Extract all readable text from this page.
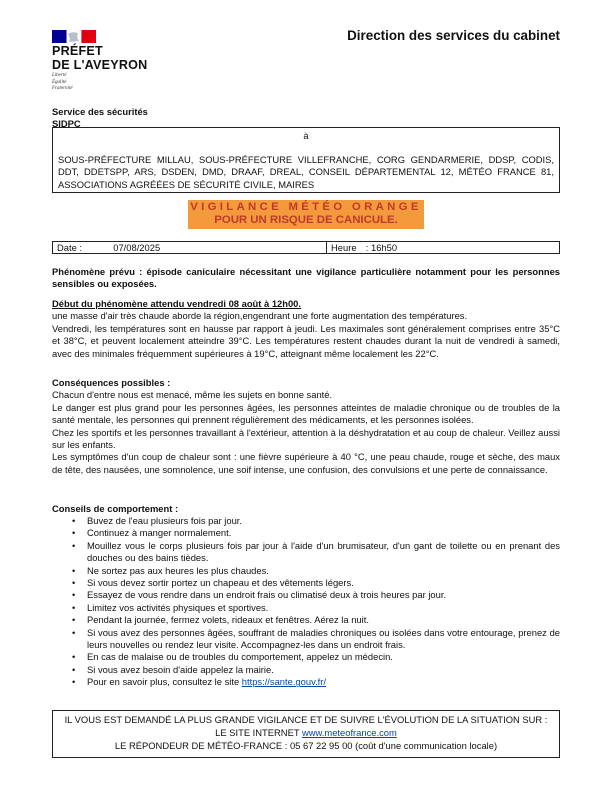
PRÉFET
DE L'AVEYRON
Liberté
Égalité
Fraternité
Direction des services du cabinet
Service des sécurités
SIDPC
à
SOUS-PRÉFECTURE MILLAU, SOUS-PRÉFECTURE VILLEFRANCHE, CORG GENDARMERIE, DDSP, CODIS, DDT, DDETSPP, ARS, DSDEN, DMD, DRAAF, DREAL, CONSEIL DÉPARTEMENTAL 12, MÉTÉO FRANCE 81, ASSOCIATIONS AGRÉÉES DE SÉCURITÉ CIVILE, MAIRES
VIGILANCE MÉTÉO ORANGE
POUR UN RISQUE DE CANICULE.
Date :	07/08/2025	Heure : 16h50
Phénomène prévu : épisode caniculaire nécessitant une vigilance particulière notamment pour les personnes sensibles ou exposées.
Début du phénomène attendu vendredi 08 août à 12h00.
une masse d'air très chaude aborde la région,engendrant une forte augmentation des températures.
Vendredi, les températures sont en hausse par rapport à jeudi. Les maximales sont généralement comprises entre 35°C et 38°C, et peuvent localement atteindre 39°C. Les températures restent chaudes durant la nuit de vendredi à samedi, avec des minimales fréquemment supérieures à 19°C, atteignant même localement les 22°C.
Conséquences possibles :
Chacun d'entre nous est menacé, même les sujets en bonne santé.
Le danger est plus grand pour les personnes âgées, les personnes atteintes de maladie chronique ou de troubles de la santé mentale, les personnes qui prennent régulièrement des médicaments, et les personnes isolées.
Chez les sportifs et les personnes travaillant à l'extérieur, attention à la déshydratation et au coup de chaleur. Veillez aussi sur les enfants.
Les symptômes d'un coup de chaleur sont : une fièvre supérieure à 40 °C, une peau chaude, rouge et sèche, des maux de tête, des nausées, une somnolence, une soif intense, une confusion, des convulsions et une perte de connaissance.
Conseils de comportement :
• Buvez de l'eau plusieurs fois par jour.
• Continuez à manger normalement.
• Mouillez vous le corps plusieurs fois par jour à l'aide d'un brumisateur, d'un gant de toilette ou en prenant des douches ou des bains tièdes.
• Ne sortez pas aux heures les plus chaudes.
• Si vous devez sortir portez un chapeau et des vêtements légers.
• Essayez de vous rendre dans un endroit frais ou climatisé deux à trois heures par jour.
• Limitez vos activités physiques et sportives.
• Pendant la journée, fermez volets, rideaux et fenêtres. Aérez la nuit.
• Si vous avez des personnes âgées, souffrant de maladies chroniques ou isolées dans votre entourage, prenez de leurs nouvelles ou rendez leur visite. Accompagnez-les dans un endroit frais.
• En cas de malaise ou de troubles du comportement, appelez un médecin.
• Si vous avez besoin d'aide appelez la mairie.
• Pour en savoir plus, consultez le site https://sante.gouv.fr/
IL VOUS EST DEMANDÉ LA PLUS GRANDE VIGILANCE ET DE SUIVRE L'ÉVOLUTION DE LA SITUATION SUR :
LE SITE INTERNET www.meteofrance.com
LE RÉPONDEUR DE MÉTÉO-FRANCE : 05 67 22 95 00 (coût d'une communication locale)
